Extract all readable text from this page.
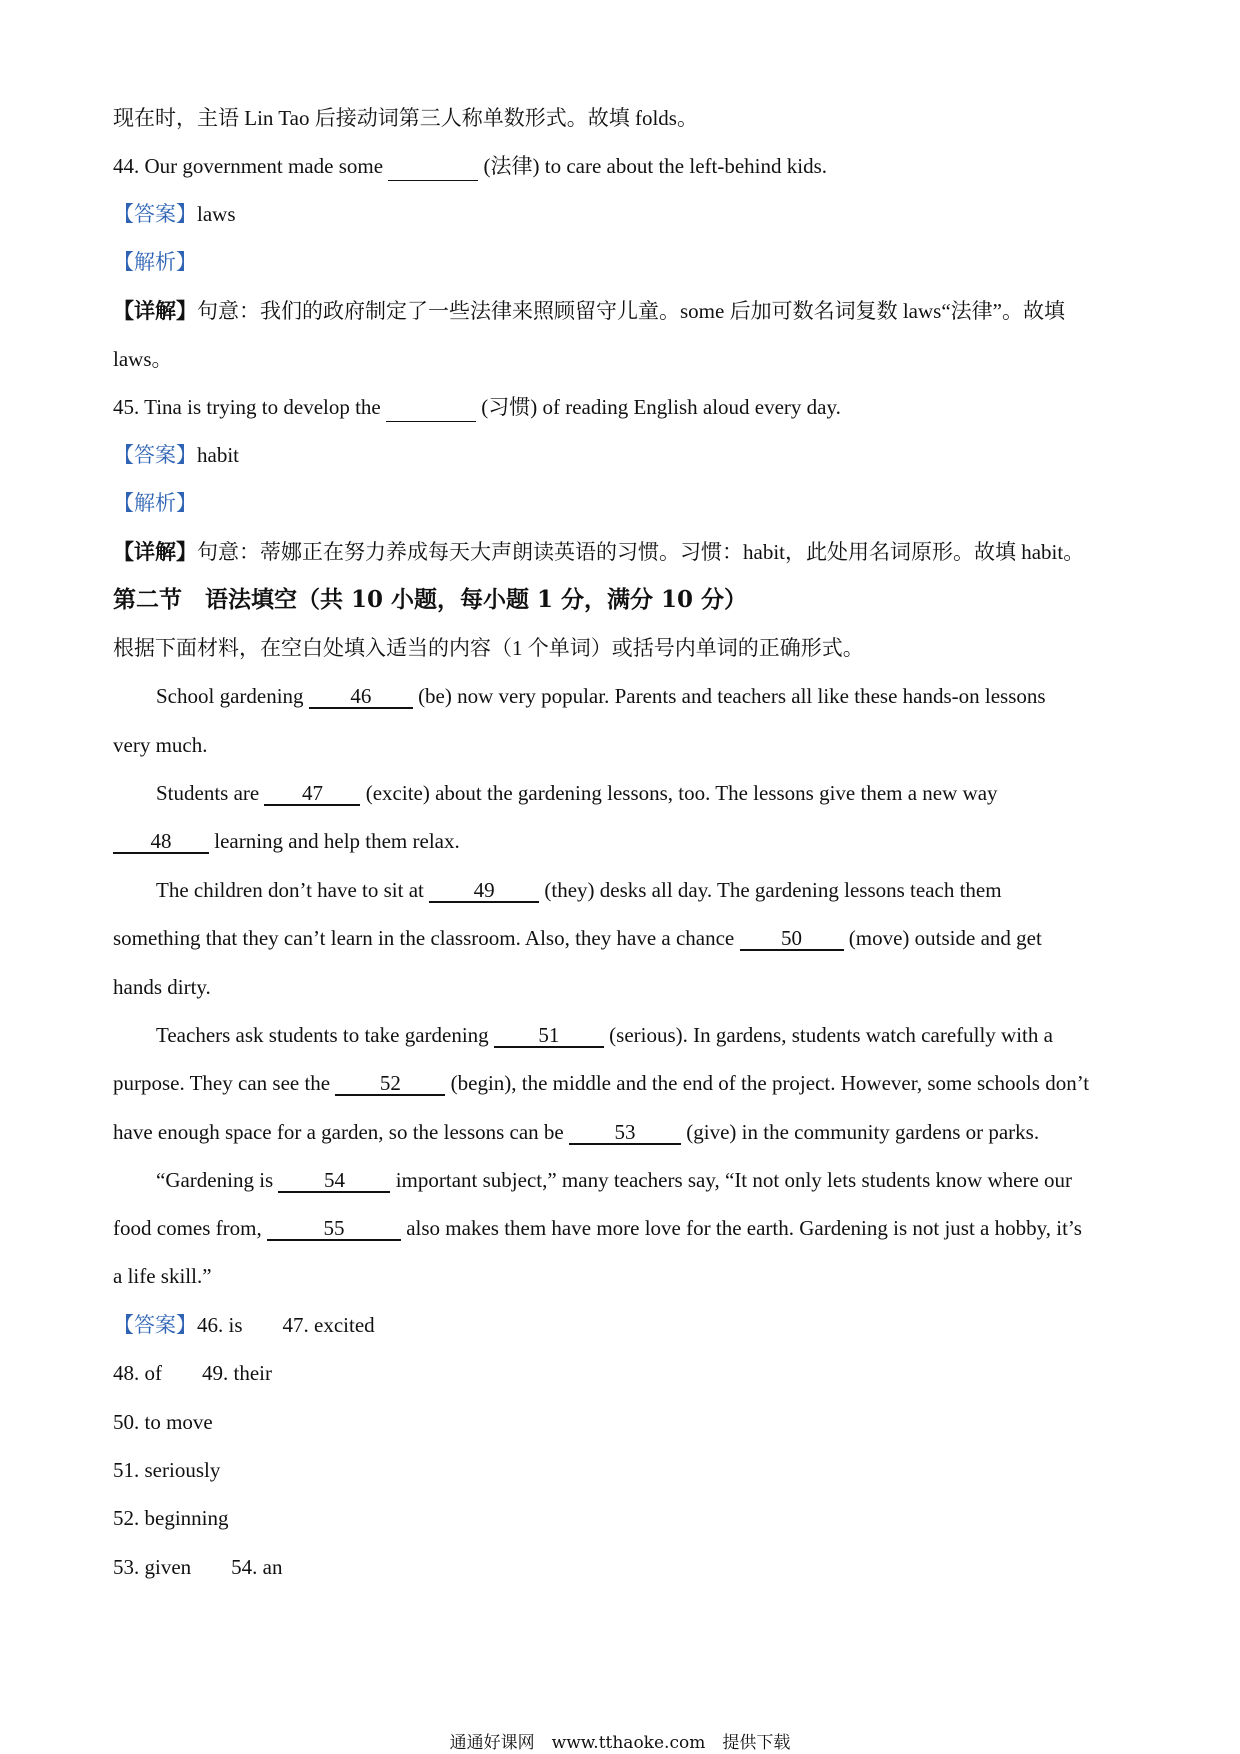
现在时，主语 Lin Tao 后接动词第三人称单数形式。故填 folds。
44. Our government made some	(法律) to care about the left-behind kids.
【答案】laws
【解析】
【详解】句意：我们的政府制定了一些法律来照顾留守儿童。some 后加可数名词复数 laws“法律”。故填
laws。
45. Tina is trying to develop the	(习惯) of reading English aloud every day.
【答案】habit
【解析】
【详解】句意：蒂娜正在努力养成每天大声朗读英语的习惯。习惯：habit，此处用名词原形。故填 habit。
第二节　语法填空（共 10 小题，每小题 1 分，满分 10 分）
根据下面材料，在空白处填入适当的内容（1 个单词）或括号内单词的正确形式。
School gardening 46 (be) now very popular. Parents and teachers all like these hands-on lessons
very much.
Students are 47 (excite) about the gardening lessons, too. The lessons give them a new way
48 learning and help them relax.
The children don’t have to sit at 49 (they) desks all day. The gardening lessons teach them
something that they can’t learn in the classroom. Also, they have a chance 50 (move) outside and get
hands dirty.
Teachers ask students to take gardening 51 (serious). In gardens, students watch carefully with a
purpose. They can see the 52 (begin), the middle and the end of the project. However, some schools don’t
have enough space for a garden, so the lessons can be 53 (give) in the community gardens or parks.
“Gardening is 54 important subject,” many teachers say, “It not only lets students know where our
food comes from,	55	also makes them have more love for the earth. Gardening is not just a hobby, it’s
a life skill.”
【答案】46. is 47. excited
48. of 49. their
50. to move
51. seriously
52. beginning
53. given 54. an
通通好课网　www.tthaoke.com　提供下载
